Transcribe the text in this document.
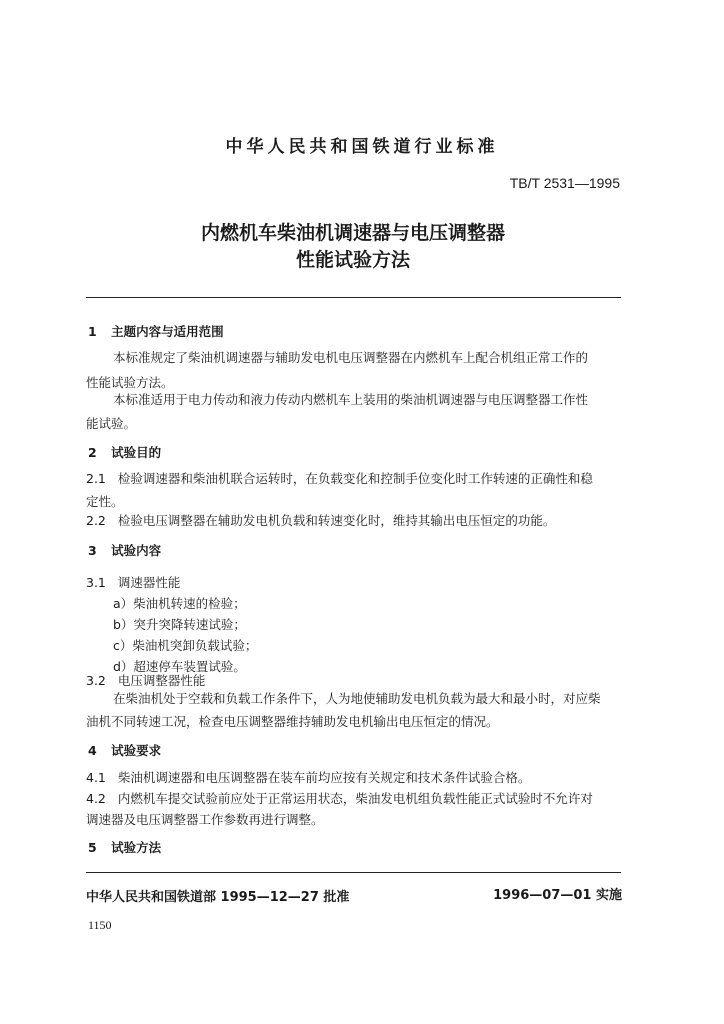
中华人民共和国铁道行业标准
TB/T 2531—1995
内燃机车柴油机调速器与电压调整器
性能试验方法
1 主题内容与适用范围
本标准规定了柴油机调速器与辅助发电机电压调整器在内燃机车上配合机组正常工作的
性能试验方法。
本标准适用于电力传动和液力传动内燃机车上装用的柴油机调速器与电压调整器工作性
能试验。
2 试验目的
2.1 检验调速器和柴油机联合运转时，在负载变化和控制手位变化时工作转速的正确性和稳
定性。
2.2 检验电压调整器在辅助发电机负载和转速变化时，维持其输出电压恒定的功能。
3 试验内容
3.1 调速器性能
a）柴油机转速的检验；
b）突升突降转速试验；
c）柴油机突卸负载试验；
d）超速停车装置试验。
3.2 电压调整器性能
在柴油机处于空载和负载工作条件下，人为地使辅助发电机负载为最大和最小时，对应柴
油机不同转速工况，检查电压调整器维持辅助发电机输出电压恒定的情况。
4 试验要求
4.1 柴油机调速器和电压调整器在装车前均应按有关规定和技术条件试验合格。
4.2 内燃机车提交试验前应处于正常运用状态，柴油发电机组负载性能正式试验时不允许对
调速器及电压调整器工作参数再进行调整。
5 试验方法
中华人民共和国铁道部 1995—12—27 批准	1996—07—01 实施
1150
